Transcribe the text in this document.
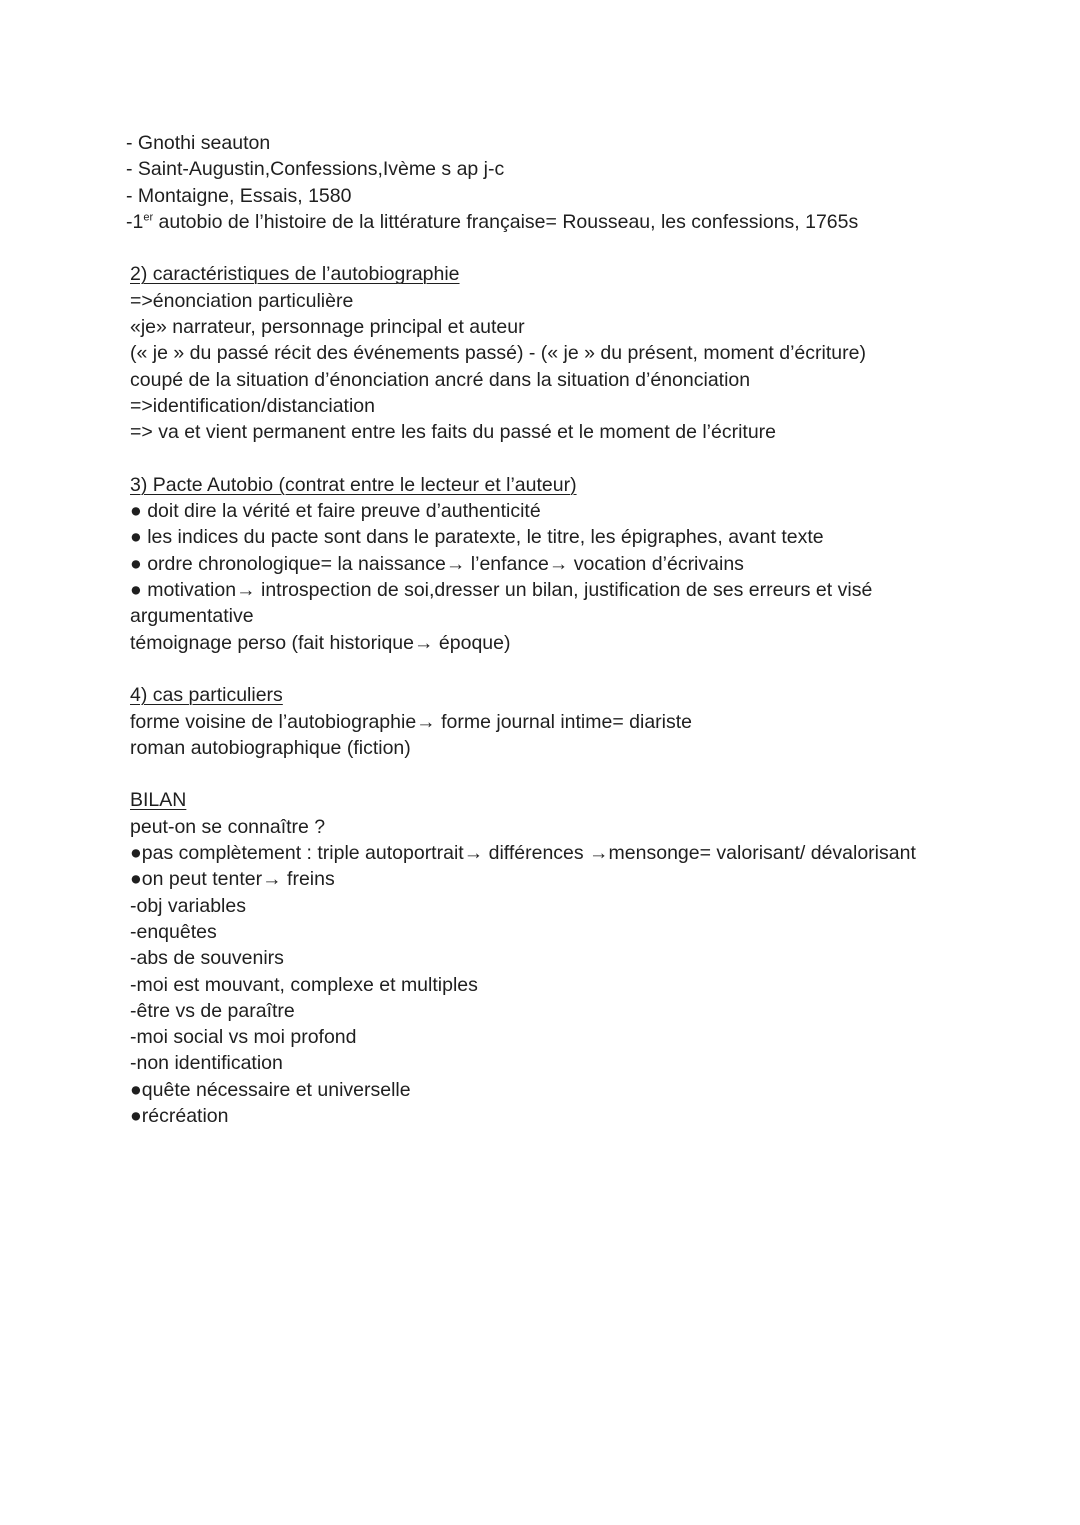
- Gnothi seauton

- Saint-Augustin,Confessions,Ivème s ap j-c

- Montaigne, Essais, 1580

-1er autobio de l’histoire de la littérature française= Rousseau, les confessions, 1765s

2) caractéristiques de l’autobiographie

=>énonciation particulière

«je» narrateur, personnage principal et auteur

(« je » du passé récit des événements passé) - (« je » du présent, moment d’écriture)

coupé de la situation d’énonciation ancré dans la situation d’énonciation

=>identification/distanciation

=> va et vient permanent entre les faits du passé et le moment de l’écriture

3) Pacte Autobio (contrat entre le lecteur et l’auteur)

● doit dire la vérité et faire preuve d’authenticité

● les indices du pacte sont dans le paratexte, le titre, les épigraphes, avant texte

● ordre chronologique= la naissance→ l’enfance→ vocation d’écrivains

● motivation→ introspection de soi,dresser un bilan, justification de ses erreurs et visé

argumentative

témoignage perso (fait historique→ époque)

4) cas particuliers

forme voisine de l’autobiographie→ forme journal intime= diariste

roman autobiographique (fiction)

BILAN

peut-on se connaître ?

●pas complètement : triple autoportrait→ différences →mensonge= valorisant/ dévalorisant

●on peut tenter→ freins

-obj variables

-enquêtes

-abs de souvenirs

-moi est mouvant, complexe et multiples

-être vs de paraître

-moi social vs moi profond

-non identification

●quête nécessaire et universelle

●récréation
